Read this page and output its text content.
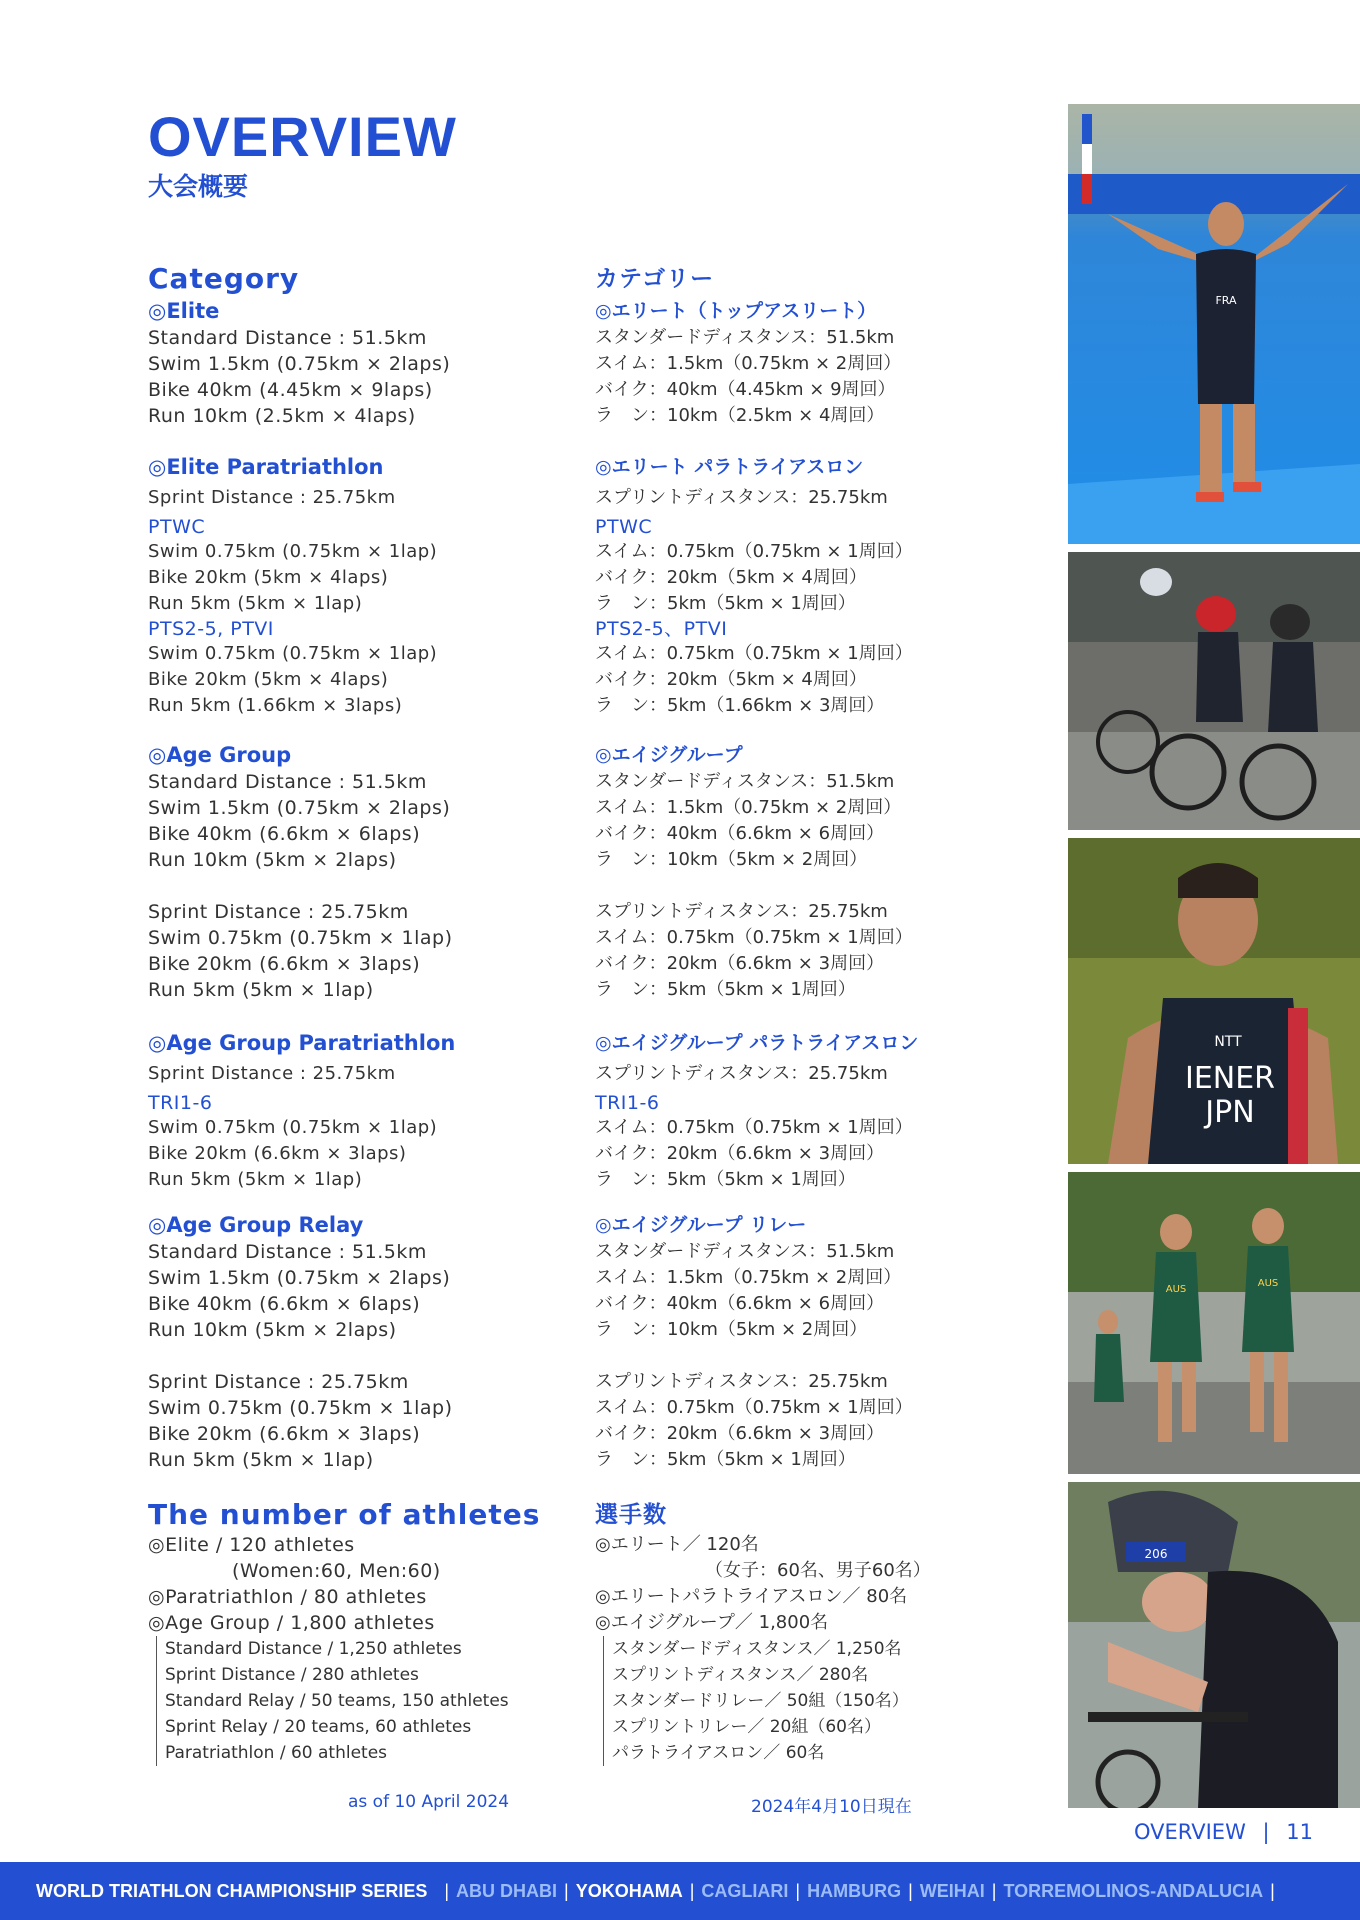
OVERVIEW
大会概要
Category
◎Elite
Standard Distance : 51.5km
Swim 1.5km (0.75km × 2laps)
Bike 40km (4.45km × 9laps)
Run 10km (2.5km × 4laps)
◎Elite Paratriathlon
Sprint Distance : 25.75km
PTWC
Swim 0.75km (0.75km × 1lap)
Bike 20km (5km × 4laps)
Run 5km (5km × 1lap)
PTS2-5, PTVI
Swim 0.75km (0.75km × 1lap)
Bike 20km (5km × 4laps)
Run 5km (1.66km × 3laps)
◎Age Group
Standard Distance : 51.5km
Swim 1.5km (0.75km × 2laps)
Bike 40km (6.6km × 6laps)
Run 10km (5km × 2laps)
Sprint Distance : 25.75km
Swim 0.75km (0.75km × 1lap)
Bike 20km (6.6km × 3laps)
Run 5km (5km × 1lap)
◎Age Group Paratriathlon
Sprint Distance : 25.75km
TRI1-6
Swim 0.75km (0.75km × 1lap)
Bike 20km (6.6km × 3laps)
Run 5km (5km × 1lap)
◎Age Group Relay
Standard Distance : 51.5km
Swim 1.5km (0.75km × 2laps)
Bike 40km (6.6km × 6laps)
Run 10km (5km × 2laps)
Sprint Distance : 25.75km
Swim 0.75km (0.75km × 1lap)
Bike 20km (6.6km × 3laps)
Run 5km (5km × 1lap)
The number of athletes
◎Elite / 120 athletes
(Women:60, Men:60)
◎Paratriathlon / 80 athletes
◎Age Group / 1,800 athletes
Standard Distance / 1,250 athletes
Sprint Distance / 280 athletes
Standard Relay / 50 teams, 150 athletes
Sprint Relay / 20 teams, 60 athletes
Paratriathlon / 60 athletes
as of 10 April 2024
カテゴリー
◎エリート（トップアスリート）
スタンダードディスタンス：51.5km
スイム：1.5km（0.75km × 2周回）
バイク：40km（4.45km × 9周回）
ラ　ン：10km（2.5km × 4周回）
◎エリート パラトライアスロン
スプリントディスタンス：25.75km
PTWC
スイム：0.75km（0.75km × 1周回）
バイク：20km（5km × 4周回）
ラ　ン：5km（5km × 1周回）
PTS2-5、PTVI
スイム：0.75km（0.75km × 1周回）
バイク：20km（5km × 4周回）
ラ　ン：5km（1.66km × 3周回）
◎エイジグループ
スタンダードディスタンス：51.5km
スイム：1.5km（0.75km × 2周回）
バイク：40km（6.6km × 6周回）
ラ　ン：10km（5km × 2周回）
スプリントディスタンス：25.75km
スイム：0.75km（0.75km × 1周回）
バイク：20km（6.6km × 3周回）
ラ　ン：5km（5km × 1周回）
◎エイジグループ パラトライアスロン
スプリントディスタンス：25.75km
TRI1-6
スイム：0.75km（0.75km × 1周回）
バイク：20km（6.6km × 3周回）
ラ　ン：5km（5km × 1周回）
◎エイジグループ リレー
スタンダードディスタンス：51.5km
スイム：1.5km（0.75km × 2周回）
バイク：40km（6.6km × 6周回）
ラ　ン：10km（5km × 2周回）
スプリントディスタンス：25.75km
スイム：0.75km（0.75km × 1周回）
バイク：20km（6.6km × 3周回）
ラ　ン：5km（5km × 1周回）
選手数
◎エリート／ 120名
（女子：60名、男子60名）
◎エリートパラトライアスロン／ 80名
◎エイジグループ／ 1,800名
スタンダードディスタンス／ 1,250名
スプリントディスタンス／ 280名
スタンダードリレー／ 50組（150名）
スプリントリレー／ 20組（60名）
パラトライアスロン／ 60名
2024年4月10日現在
FRA
NTT
IENER
JPN
AUS
AUS
206
OVERVIEW | 11
WORLD TRIATHLON CHAMPIONSHIP SERIES | ABU DHABI | YOKOHAMA | CAGLIARI | HAMBURG | WEIHAI | TORREMOLINOS-ANDALUCIA |
